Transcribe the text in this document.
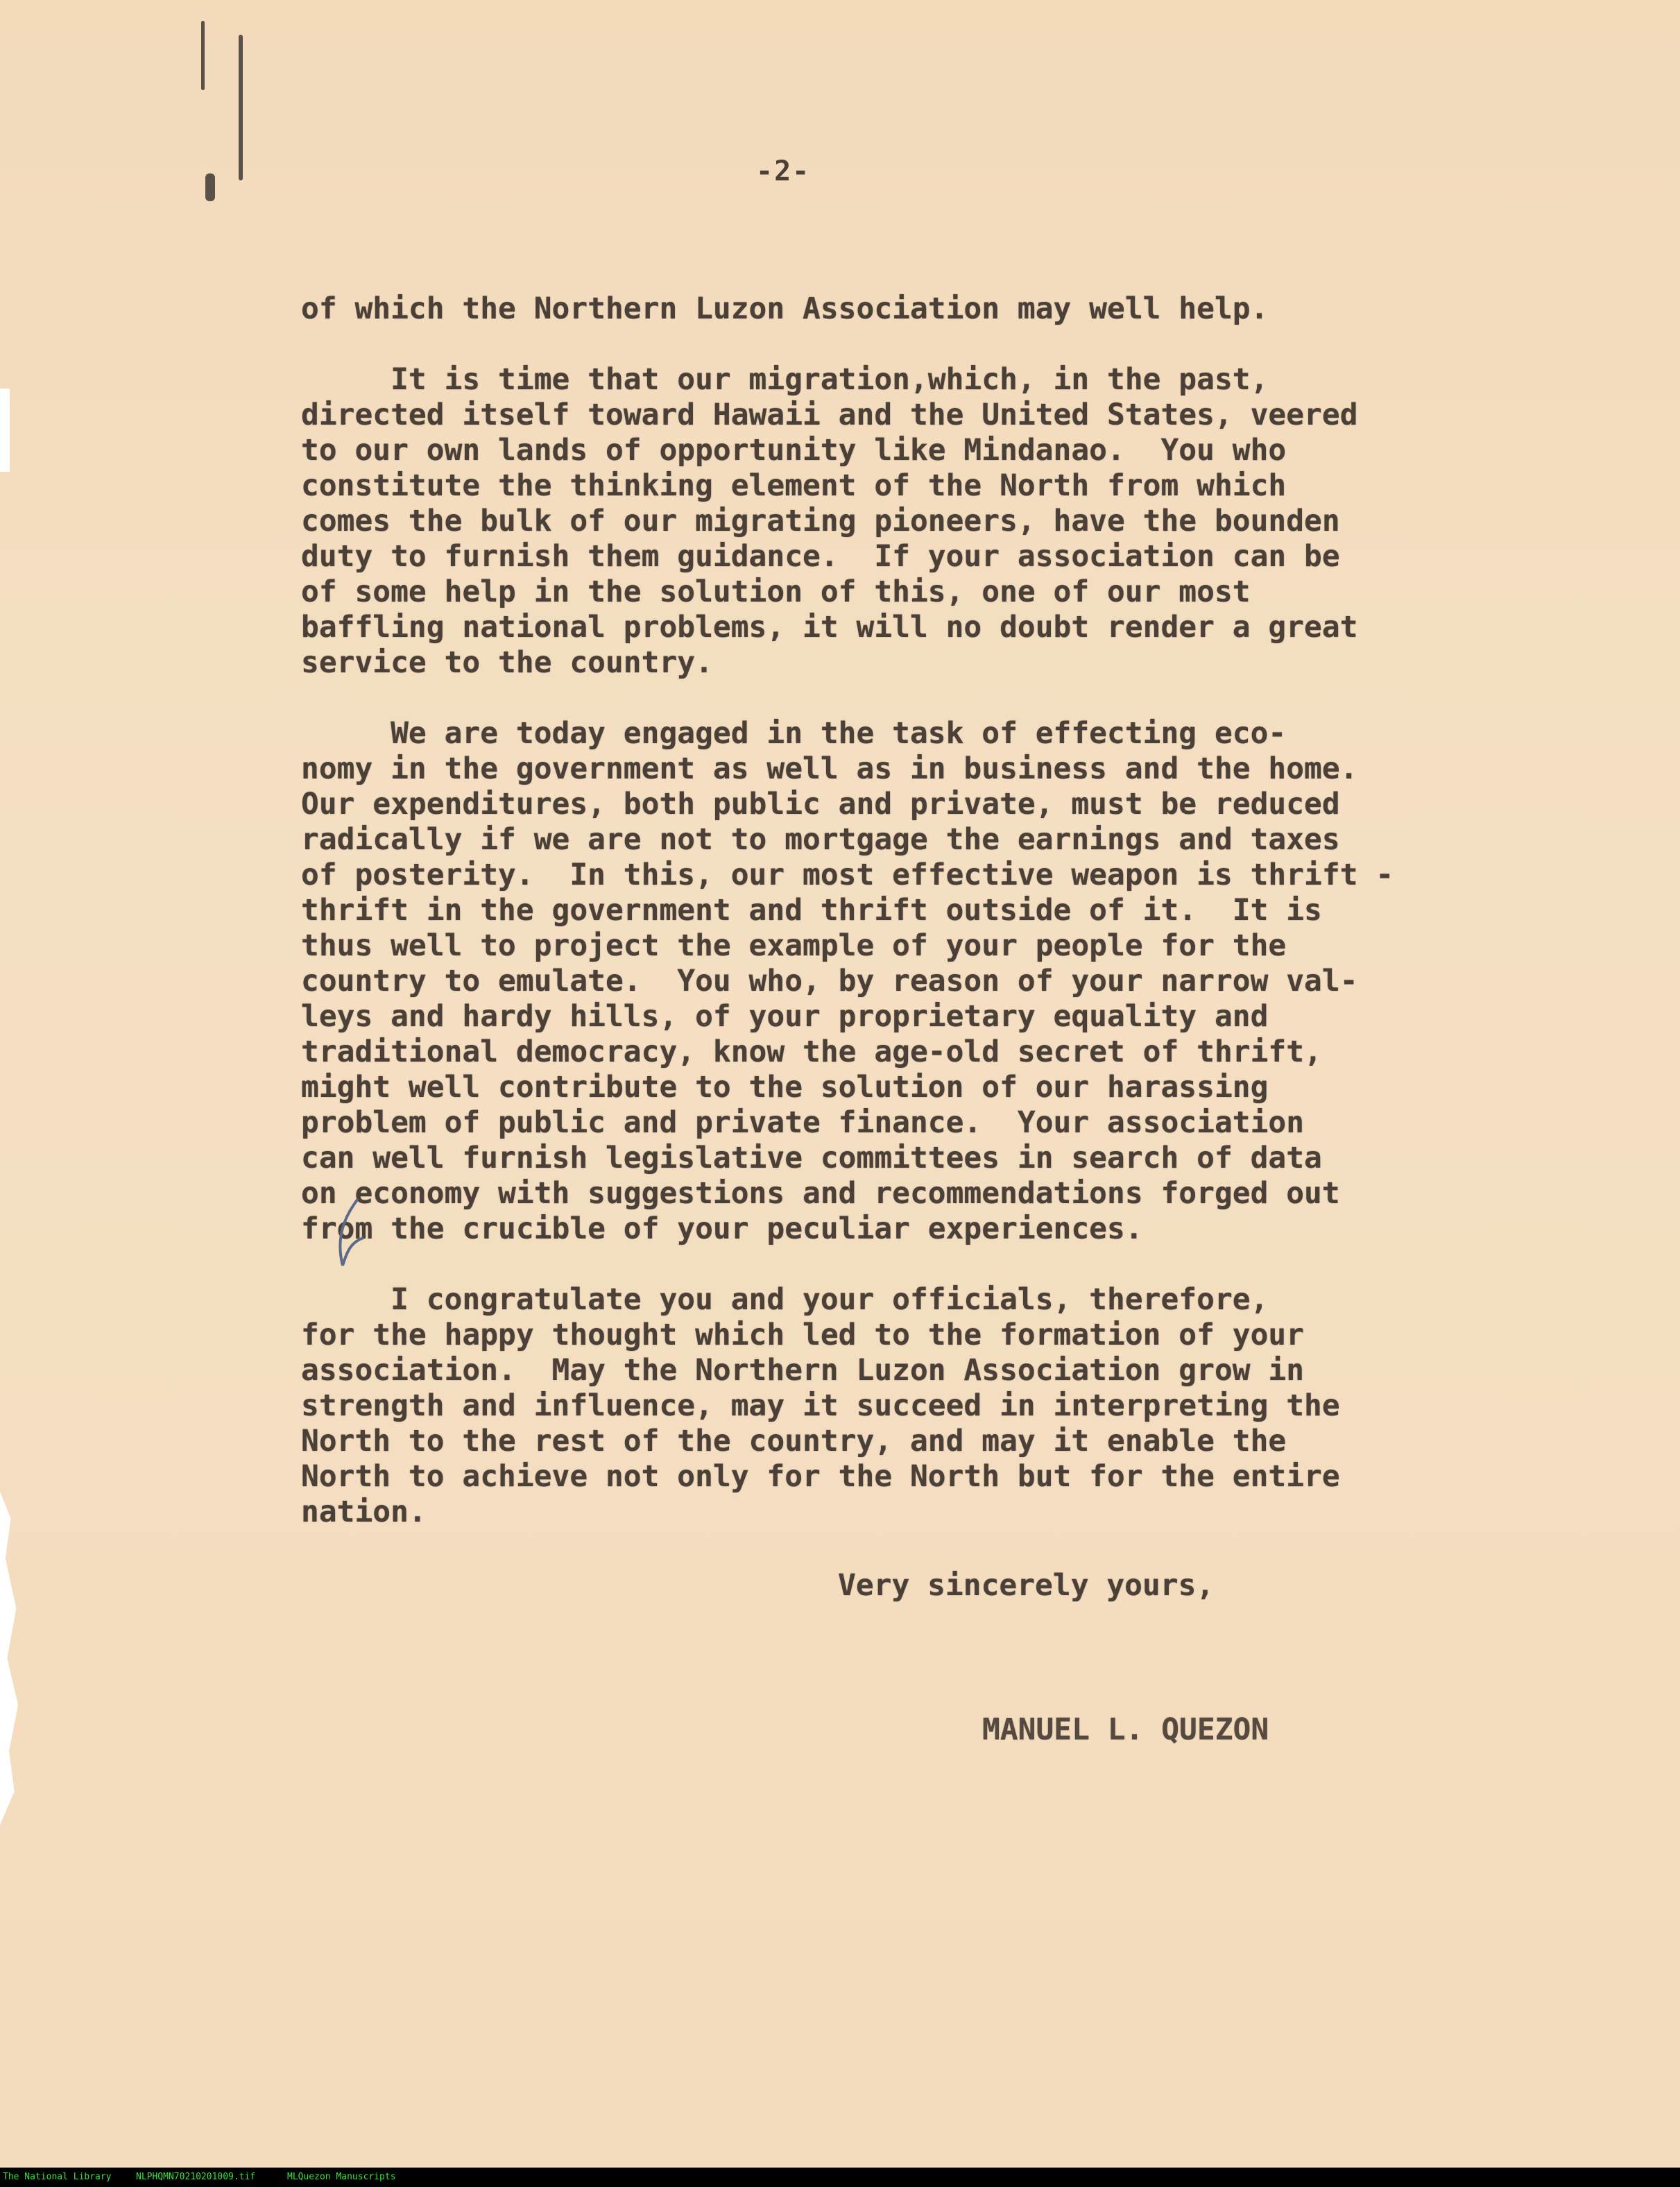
-2-
of which the Northern Luzon Association may well help.
It is time that our migration,which, in the past,
directed itself toward Hawaii and the United States, veered
to our own lands of opportunity like Mindanao.  You who
constitute the thinking element of the North from which
comes the bulk of our migrating pioneers, have the bounden
duty to furnish them guidance.  If your association can be
of some help in the solution of this, one of our most
baffling national problems, it will no doubt render a great
service to the country.
We are today engaged in the task of effecting eco-
nomy in the government as well as in business and the home.
Our expenditures, both public and private, must be reduced
radically if we are not to mortgage the earnings and taxes
of posterity.  In this, our most effective weapon is thrift -
thrift in the government and thrift outside of it.  It is
thus well to project the example of your people for the
country to emulate.  You who, by reason of your narrow val-
leys and hardy hills, of your proprietary equality and
traditional democracy, know the age-old secret of thrift,
might well contribute to the solution of our harassing
problem of public and private finance.  Your association
can well furnish legislative committees in search of data
on economy with suggestions and recommendations forged out
from the crucible of your peculiar experiences.
I congratulate you and your officials, therefore,
for the happy thought which led to the formation of your
association.  May the Northern Luzon Association grow in
strength and influence, may it succeed in interpreting the
North to the rest of the country, and may it enable the
North to achieve not only for the North but for the entire
nation.
Very sincerely yours,
MANUEL L. QUEZON
The National Library	NLPHQMN70210201009.tif	MLQuezon Manuscripts
